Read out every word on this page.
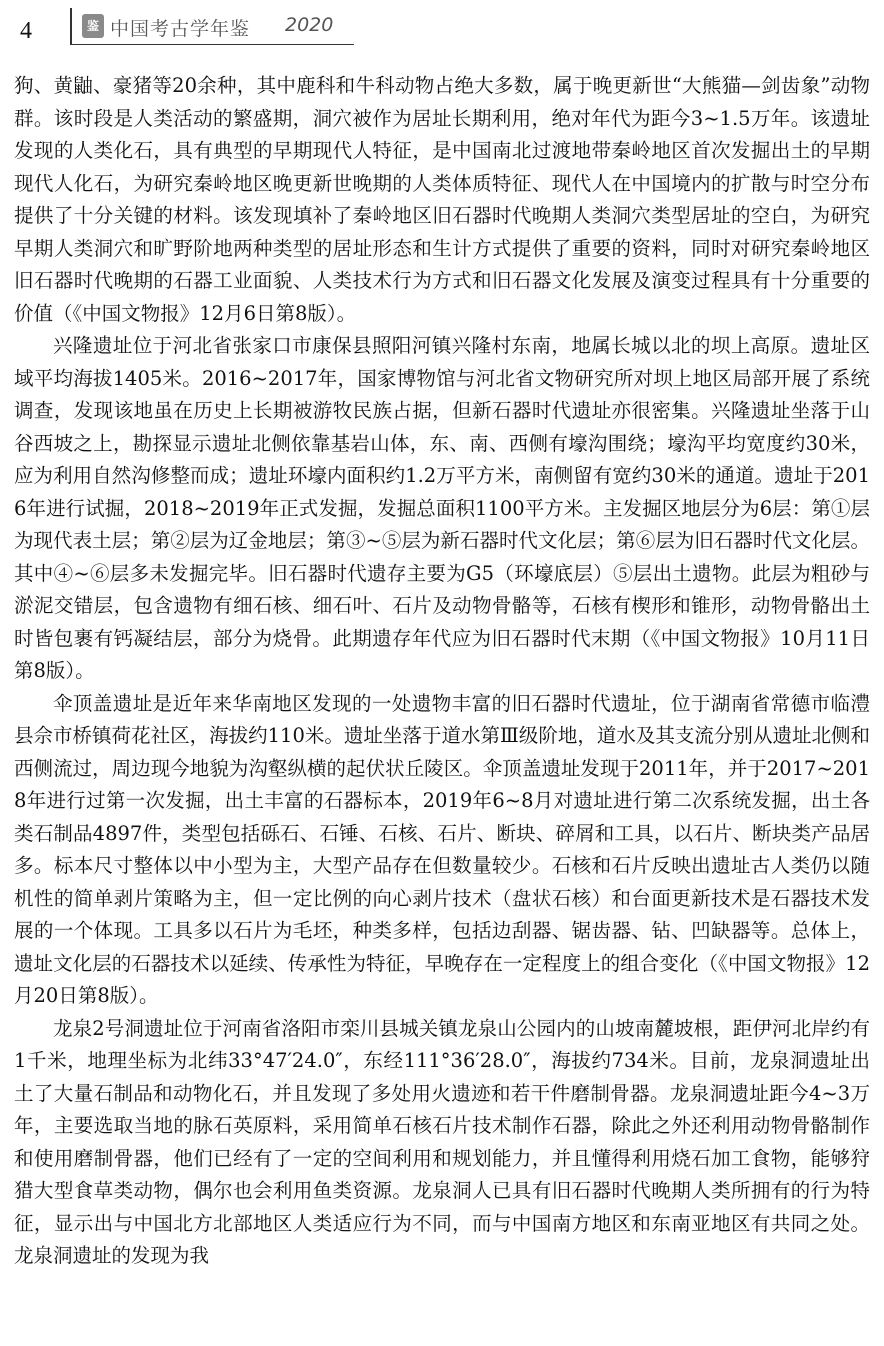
4	鉴 中国考古学年鉴 2020

狗、黄鼬、豪猪等20余种，其中鹿科和牛科动物占绝大多数，属于晚更新世“大熊猫—剑齿象”动物群。该时段是人类活动的繁盛期，洞穴被作为居址长期利用，绝对年代为距今3~1.5万年。该遗址发现的人类化石，具有典型的早期现代人特征，是中国南北过渡地带秦岭地区首次发掘出土的早期现代人化石，为研究秦岭地区晚更新世晚期的人类体质特征、现代人在中国境内的扩散与时空分布提供了十分关键的材料。该发现填补了秦岭地区旧石器时代晚期人类洞穴类型居址的空白，为研究早期人类洞穴和旷野阶地两种类型的居址形态和生计方式提供了重要的资料，同时对研究秦岭地区旧石器时代晚期的石器工业面貌、人类技术行为方式和旧石器文化发展及演变过程具有十分重要的价值（《中国文物报》12月6日第8版）。

兴隆遗址位于河北省张家口市康保县照阳河镇兴隆村东南，地属长城以北的坝上高原。遗址区域平均海拔1405米。2016~2017年，国家博物馆与河北省文物研究所对坝上地区局部开展了系统调查，发现该地虽在历史上长期被游牧民族占据，但新石器时代遗址亦很密集。兴隆遗址坐落于山谷西坡之上，勘探显示遗址北侧依靠基岩山体，东、南、西侧有壕沟围绕；壕沟平均宽度约30米，应为利用自然沟修整而成；遗址环壕内面积约1.2万平方米，南侧留有宽约30米的通道。遗址于2016年进行试掘，2018~2019年正式发掘，发掘总面积1100平方米。主发掘区地层分为6层：第①层为现代表土层；第②层为辽金地层；第③~⑤层为新石器时代文化层；第⑥层为旧石器时代文化层。其中④~⑥层多未发掘完毕。旧石器时代遗存主要为G5（环壕底层）⑤层出土遗物。此层为粗砂与淤泥交错层，包含遗物有细石核、细石叶、石片及动物骨骼等，石核有楔形和锥形，动物骨骼出土时皆包裹有钙凝结层，部分为烧骨。此期遗存年代应为旧石器时代末期（《中国文物报》10月11日第8版）。

伞顶盖遗址是近年来华南地区发现的一处遗物丰富的旧石器时代遗址，位于湖南省常德市临澧县佘市桥镇荷花社区，海拔约110米。遗址坐落于道水第Ⅲ级阶地，道水及其支流分别从遗址北侧和西侧流过，周边现今地貌为沟壑纵横的起伏状丘陵区。伞顶盖遗址发现于2011年，并于2017~2018年进行过第一次发掘，出土丰富的石器标本，2019年6~8月对遗址进行第二次系统发掘，出土各类石制品4897件，类型包括砾石、石锤、石核、石片、断块、碎屑和工具，以石片、断块类产品居多。标本尺寸整体以中小型为主，大型产品存在但数量较少。石核和石片反映出遗址古人类仍以随机性的简单剥片策略为主，但一定比例的向心剥片技术（盘状石核）和台面更新技术是石器技术发展的一个体现。工具多以石片为毛坯，种类多样，包括边刮器、锯齿器、钻、凹缺器等。总体上，遗址文化层的石器技术以延续、传承性为特征，早晚存在一定程度上的组合变化（《中国文物报》12月20日第8版）。

龙泉2号洞遗址位于河南省洛阳市栾川县城关镇龙泉山公园内的山坡南麓坡根，距伊河北岸约有1千米，地理坐标为北纬33°47′24.0″，东经111°36′28.0″，海拔约734米。目前，龙泉洞遗址出土了大量石制品和动物化石，并且发现了多处用火遗迹和若干件磨制骨器。龙泉洞遗址距今4~3万年，主要选取当地的脉石英原料，采用简单石核石片技术制作石器，除此之外还利用动物骨骼制作和使用磨制骨器，他们已经有了一定的空间利用和规划能力，并且懂得利用烧石加工食物，能够狩猎大型食草类动物，偶尔也会利用鱼类资源。龙泉洞人已具有旧石器时代晚期人类所拥有的行为特征，显示出与中国北方北部地区人类适应行为不同，而与中国南方地区和东南亚地区有共同之处。龙泉洞遗址的发现为我
